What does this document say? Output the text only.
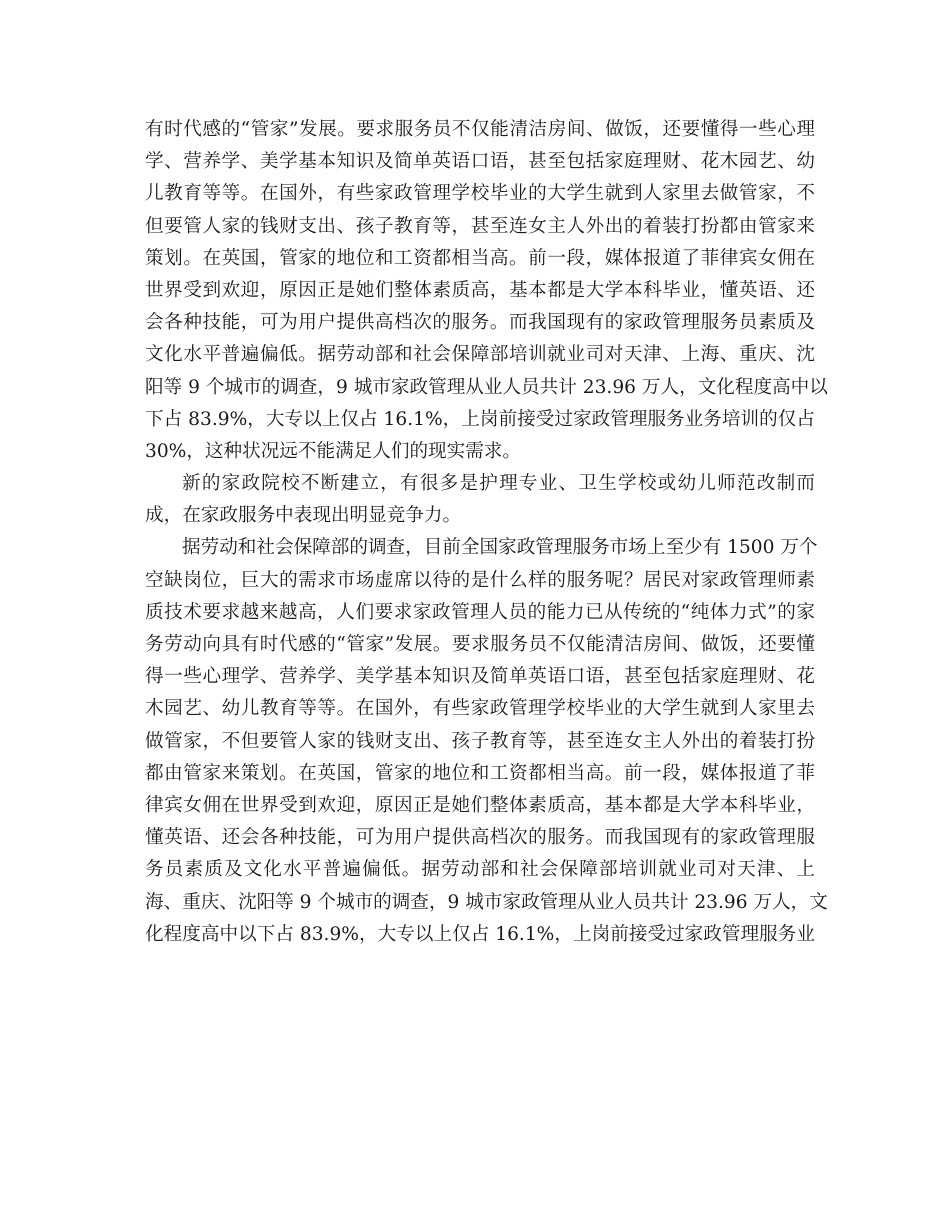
有时代感的“管家”发展。要求服务员不仅能清洁房间、做饭，还要懂得一些心理
学、营养学、美学基本知识及简单英语口语，甚至包括家庭理财、花木园艺、幼
儿教育等等。在国外，有些家政管理学校毕业的大学生就到人家里去做管家，不
但要管人家的钱财支出、孩子教育等，甚至连女主人外出的着装打扮都由管家来
策划。在英国，管家的地位和工资都相当高。前一段，媒体报道了菲律宾女佣在
世界受到欢迎，原因正是她们整体素质高，基本都是大学本科毕业，懂英语、还
会各种技能，可为用户提供高档次的服务。而我国现有的家政管理服务员素质及
文化水平普遍偏低。据劳动部和社会保障部培训就业司对天津、上海、重庆、沈
阳等 9 个城市的调查，9 城市家政管理从业人员共计 23.96 万人，文化程度高中以
下占 83.9%，大专以上仅占 16.1%，上岗前接受过家政管理服务业务培训的仅占
30%，这种状况远不能满足人们的现实需求。
新的家政院校不断建立，有很多是护理专业、卫生学校或幼儿师范改制而
成，在家政服务中表现出明显竞争力。
据劳动和社会保障部的调查，目前全国家政管理服务市场上至少有 1500 万个
空缺岗位，巨大的需求市场虚席以待的是什么样的服务呢？居民对家政管理师素
质技术要求越来越高，人们要求家政管理人员的能力已从传统的“纯体力式”的家
务劳动向具有时代感的“管家”发展。要求服务员不仅能清洁房间、做饭，还要懂
得一些心理学、营养学、美学基本知识及简单英语口语，甚至包括家庭理财、花
木园艺、幼儿教育等等。在国外，有些家政管理学校毕业的大学生就到人家里去
做管家，不但要管人家的钱财支出、孩子教育等，甚至连女主人外出的着装打扮
都由管家来策划。在英国，管家的地位和工资都相当高。前一段，媒体报道了菲
律宾女佣在世界受到欢迎，原因正是她们整体素质高，基本都是大学本科毕业，
懂英语、还会各种技能，可为用户提供高档次的服务。而我国现有的家政管理服
务员素质及文化水平普遍偏低。据劳动部和社会保障部培训就业司对天津、上
海、重庆、沈阳等 9 个城市的调查，9 城市家政管理从业人员共计 23.96 万人，文
化程度高中以下占 83.9%，大专以上仅占 16.1%，上岗前接受过家政管理服务业
